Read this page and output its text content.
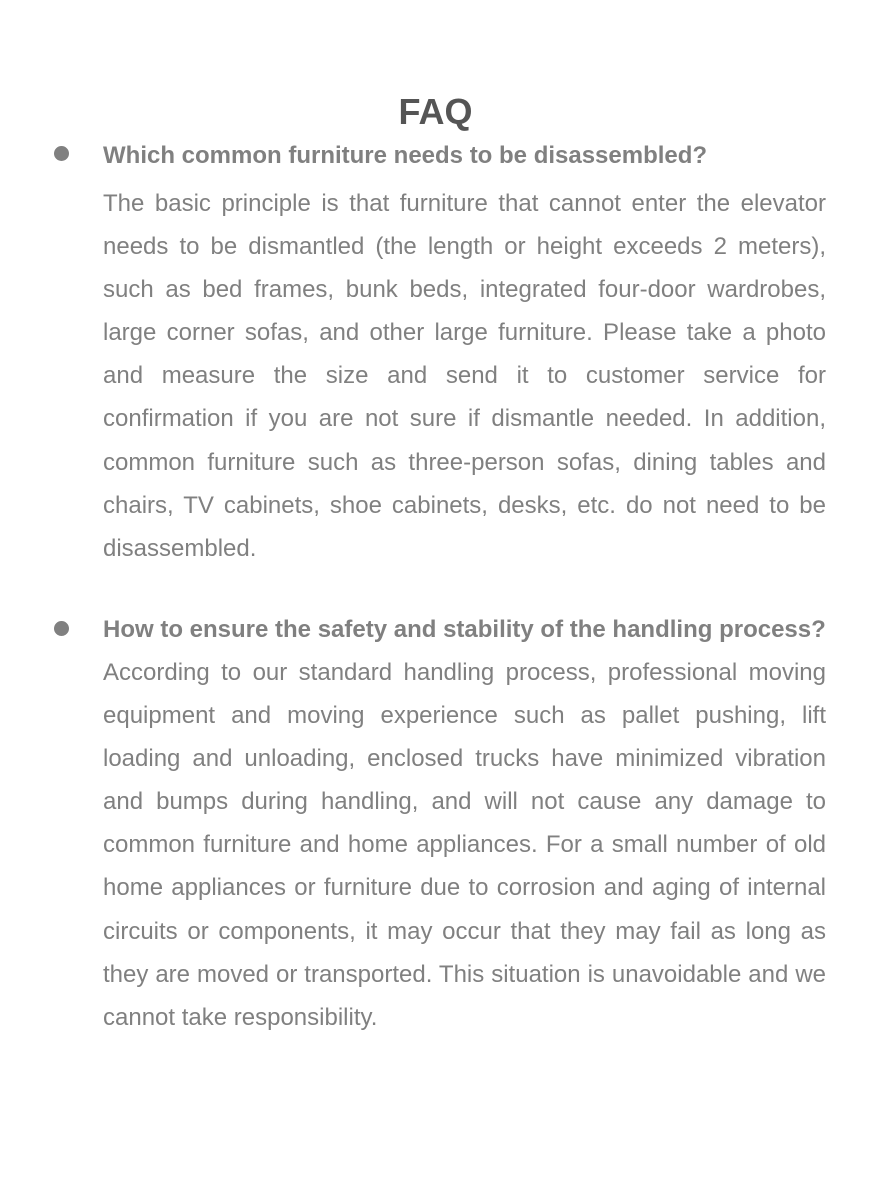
FAQ

Which common furniture needs to be disassembled?

The basic principle is that furniture that cannot enter the elevator needs to be dismantled (the length or height exceeds 2 meters), such as bed frames, bunk beds, integrated four-door wardrobes, large corner sofas, and other large furniture. Please take a photo and measure the size and send it to customer service for confirmation if you are not sure if dismantle needed. In addition, common furniture such as three-person sofas, dining tables and chairs, TV cabinets, shoe cabinets, desks, etc. do not need to be disassembled.

How to ensure the safety and stability of the handling process?

According to our standard handling process, professional moving equipment and moving experience such as pallet pushing, lift loading and unloading, enclosed trucks have minimized vibration and bumps during handling, and will not cause any damage to common furniture and home appliances. For a small number of old home appliances or furniture due to corrosion and aging of internal circuits or components, it may occur that they may fail as long as they are moved or transported. This situation is unavoidable and we cannot take responsibility.
